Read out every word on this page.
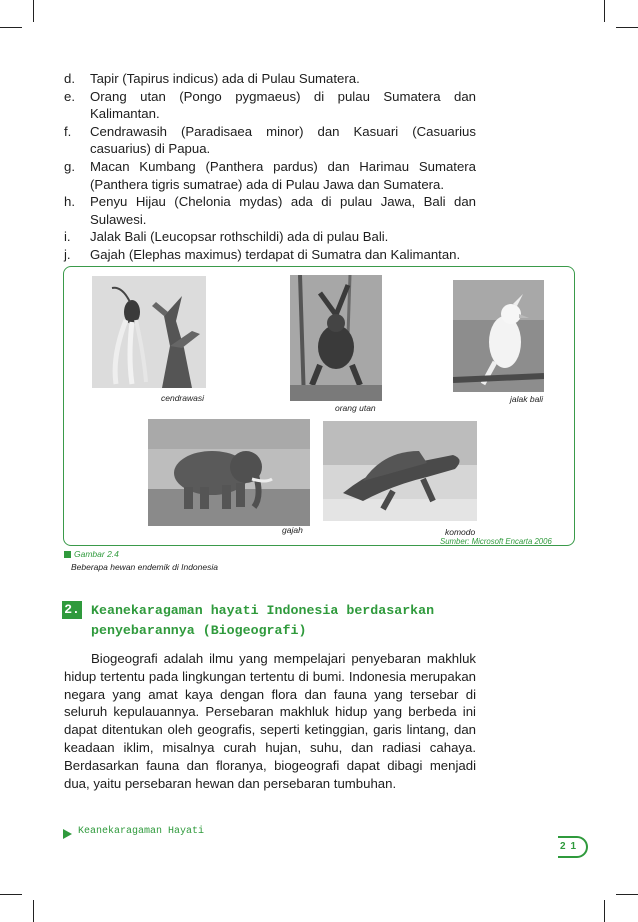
d.	Tapir (Tapirus indicus) ada di Pulau Sumatera.
e.	Orang utan (Pongo pygmaeus) di pulau Sumatera dan
Kalimantan.
f.	Cendrawasih (Paradisaea minor) dan Kasuari (Casuarius
casuarius) di Papua.
g.	Macan Kumbang (Panthera pardus) dan Harimau Sumatera
(Panthera tigris sumatrae) ada di Pulau Jawa dan Sumatera.
h.	Penyu Hijau (Chelonia mydas) ada di pulau Jawa, Bali dan
Sulawesi.
i.	Jalak Bali (Leucopsar rothschildi) ada di pulau Bali.
j.	Gajah (Elephas maximus) terdapat di Sumatra dan Kalimantan.
cendrawasi
orang utan
jalak bali
gajah	komodo
Sumber: Microsoft Encarta 2006
Gambar 2.4
Beberapa hewan endemik di Indonesia
2. Keanekaragaman hayati Indonesia berdasarkan penyebarannya (Biogeografi)

Biogeografi adalah ilmu yang mempelajari penyebaran makhluk hidup tertentu pada lingkungan tertentu di bumi. Indonesia merupakan negara yang amat kaya dengan flora dan fauna yang tersebar di seluruh kepulauannya. Persebaran makhluk hidup yang berbeda ini dapat ditentukan oleh geografis, seperti ketinggian, garis lintang, dan keadaan iklim, misalnya curah hujan, suhu, dan radiasi cahaya. Berdasarkan fauna dan floranya, biogeografi dapat dibagi menjadi dua, yaitu persebaran hewan dan persebaran tumbuhan.

Keanekaragaman Hayati
21
